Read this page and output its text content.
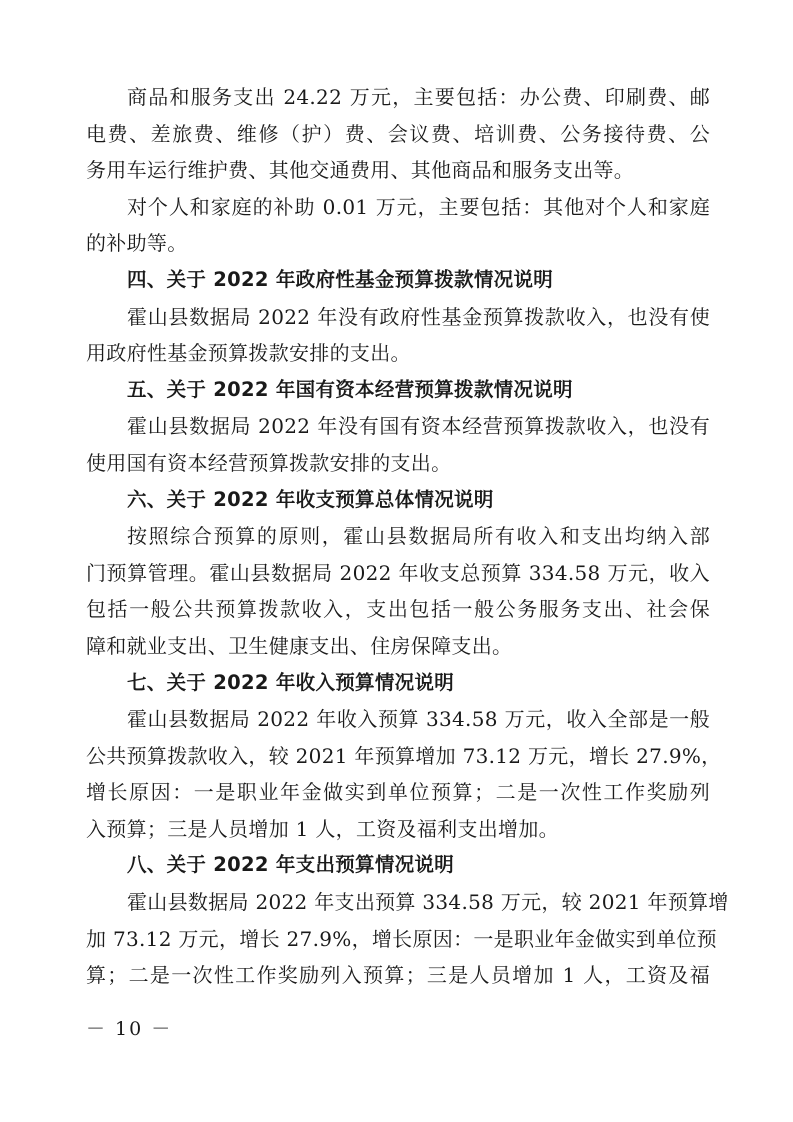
商品和服务支出 24.22 万元，主要包括：办公费、印刷费、邮
电费、差旅费、维修（护）费、会议费、培训费、公务接待费、公
务用车运行维护费、其他交通费用、其他商品和服务支出等。
对个人和家庭的补助 0.01 万元，主要包括：其他对个人和家庭
的补助等。
四、关于 2022 年政府性基金预算拨款情况说明
霍山县数据局 2022 年没有政府性基金预算拨款收入，也没有使
用政府性基金预算拨款安排的支出。
五、关于 2022 年国有资本经营预算拨款情况说明
霍山县数据局 2022 年没有国有资本经营预算拨款收入，也没有
使用国有资本经营预算拨款安排的支出。
六、关于 2022 年收支预算总体情况说明
按照综合预算的原则，霍山县数据局所有收入和支出均纳入部
门预算管理。霍山县数据局 2022 年收支总预算 334.58 万元，收入
包括一般公共预算拨款收入，支出包括一般公务服务支出、社会保
障和就业支出、卫生健康支出、住房保障支出。
七、关于 2022 年收入预算情况说明
霍山县数据局 2022 年收入预算 334.58 万元，收入全部是一般
公共预算拨款收入，较 2021 年预算增加 73.12 万元，增长 27.9%，
增长原因：一是职业年金做实到单位预算；二是一次性工作奖励列
入预算；三是人员增加 1 人，工资及福利支出增加。
八、关于 2022 年支出预算情况说明
霍山县数据局 2022 年支出预算 334.58 万元，较 2021 年预算增
加 73.12 万元，增长 27.9%，增长原因：一是职业年金做实到单位预
算；二是一次性工作奖励列入预算；三是人员增加 1 人，工资及福
－ 10 －
